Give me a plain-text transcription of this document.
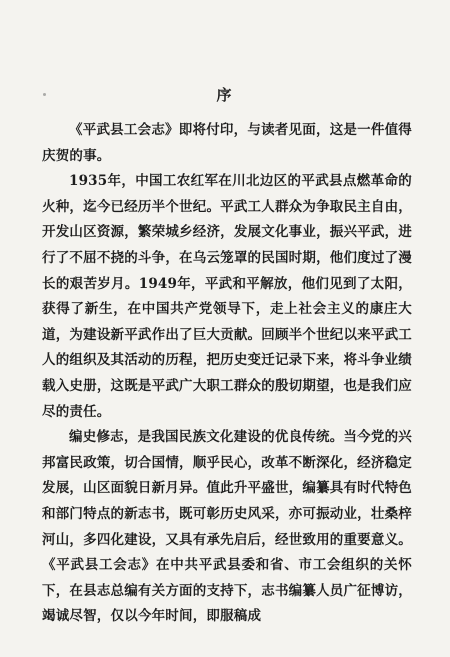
序

《平武县工会志》即将付印，与读者见面，这是一件值得庆贺的事。

1935年，中国工农红军在川北边区的平武县点燃革命的火种，迄今已经历半个世纪。平武工人群众为争取民主自由，开发山区资源，繁荣城乡经济，发展文化事业，振兴平武，进行了不屈不挠的斗争，在乌云笼罩的民国时期，他们度过了漫长的艰苦岁月。1949年，平武和平解放，他们见到了太阳，获得了新生，在中国共产党领导下，走上社会主义的康庄大道，为建设新平武作出了巨大贡献。回顾半个世纪以来平武工人的组织及其活动的历程，把历史变迁记录下来，将斗争业绩载入史册，这既是平武广大职工群众的殷切期望，也是我们应尽的责任。

编史修志，是我国民族文化建设的优良传统。当今党的兴邦富民政策，切合国情，顺乎民心，改革不断深化，经济稳定发展，山区面貌日新月异。值此升平盛世，编纂具有时代特色和部门特点的新志书，既可彰历史风采，亦可振动业，壮桑梓河山，多四化建设，又具有承先启后，经世致用的重要意义。《平武县工会志》在中共平武县委和省、市工会组织的关怀下，在县志总编有关方面的支持下，志书编纂人员广征博访，竭诚尽智，仅以今年时间，即服稿成
